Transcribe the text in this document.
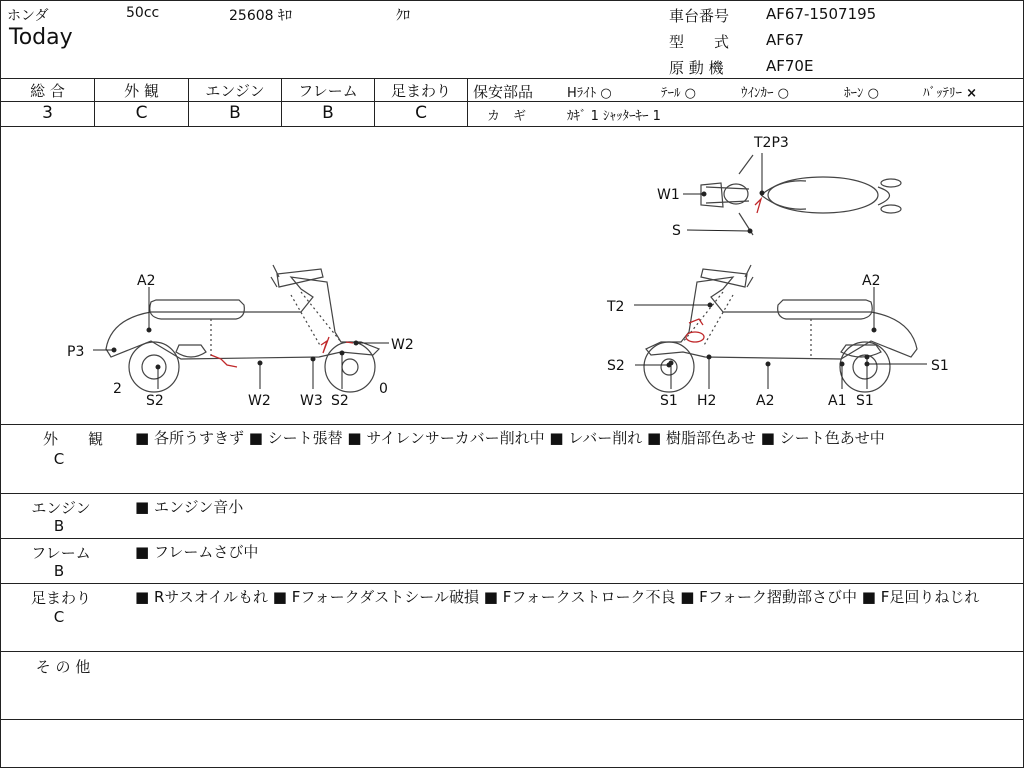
ホンダ	50cc	25608 ｷﾛ	ｸﾛ
Today
車台番号 AF67-1507195
型　　式 AF67
原 動 機	AF70E
総 合	外 観	エンジン	フレーム	足まわり
3	C	B	B	C
保安部品	Hﾗｲﾄ ○	ﾃｰﾙ ○	ｳｲﾝｶｰ ○	ﾎｰﾝ ○	ﾊﾞｯﾃﾘｰ ×
カ　ギ	ｶｷﾞ 1 ｼｬｯﾀｰｷｰ 1
T2P3
W1
S
A2
P3
2
S2	W2 W3 S2
0
W2
A2
T2
S2
S1 H2	A2	A1 S1
S1
外　　観
C
■ 各所うすきず ■ シート張替 ■ サイレンサーカバー削れ中 ■ レバー削れ ■ 樹脂部色あせ ■ シート色あせ中
エンジン
B
■ エンジン音小
フレーム
B
■ フレームさび中
足まわり
C
■ Rサスオイルもれ ■ Fフォークダストシール破損 ■ Fフォークストローク不良 ■ Fフォーク摺動部さび中 ■ F足回りねじれ
そ の 他
